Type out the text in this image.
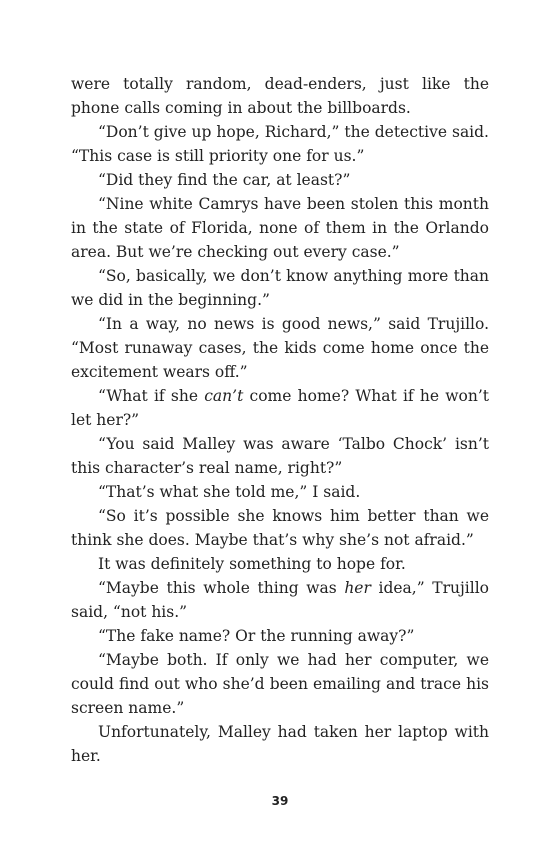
were totally random, dead-enders, just like the phone calls coming in about the billboards.

“Don’t give up hope, Richard,” the detective said. “This case is still priority one for us.”

“Did they find the car, at least?”

“Nine white Camrys have been stolen this month in the state of Florida, none of them in the Orlando area. But we’re checking out every case.”

“So, basically, we don’t know anything more than we did in the beginning.”

“In a way, no news is good news,” said Trujillo. “Most runaway cases, the kids come home once the excitement wears off.”

“What if she can’t come home? What if he won’t let her?”

“You said Malley was aware ‘Talbo Chock’ isn’t this character’s real name, right?”

“That’s what she told me,” I said.

“So it’s possible she knows him better than we think she does. Maybe that’s why she’s not afraid.”

It was definitely something to hope for.

“Maybe this whole thing was her idea,” Trujillo said, “not his.”

“The fake name? Or the running away?”

“Maybe both. If only we had her computer, we could find out who she’d been emailing and trace his screen name.”

Unfortunately, Malley had taken her laptop with her.

39
